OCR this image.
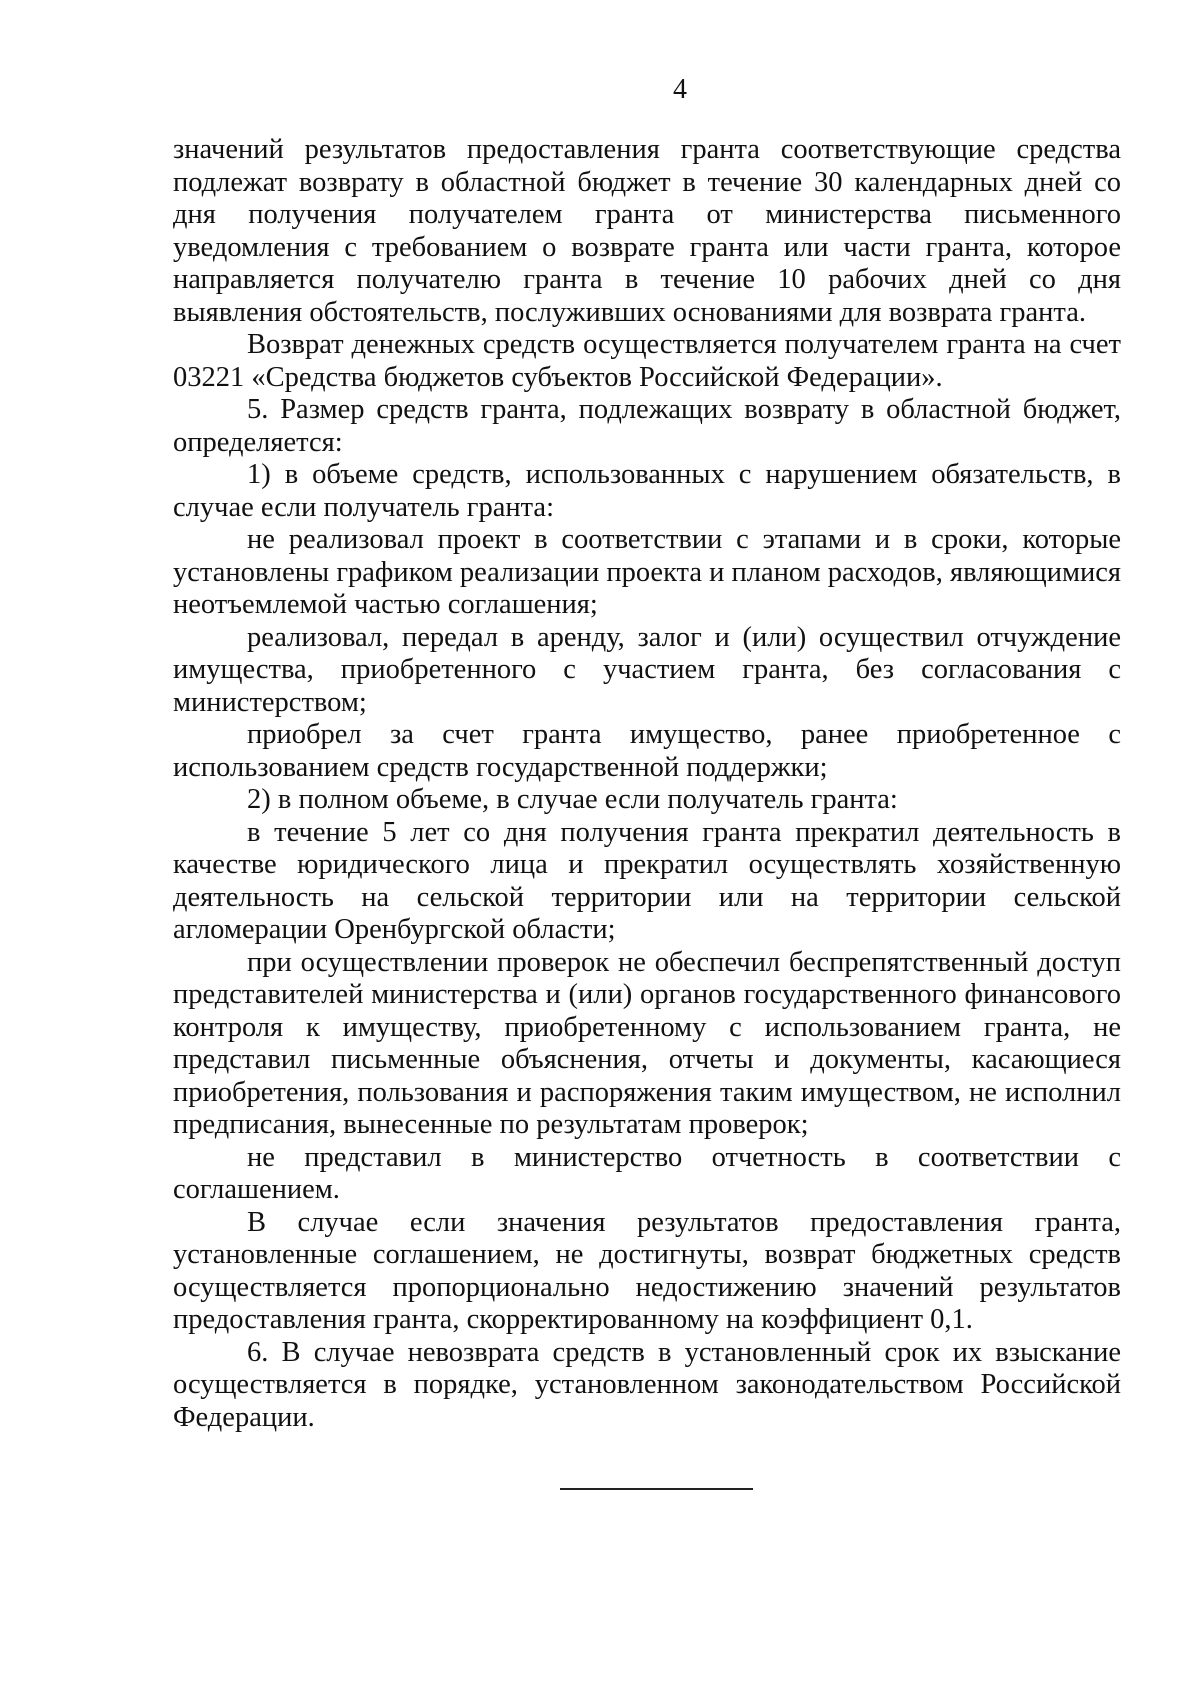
4

значений результатов предоставления гранта соответствующие средства подлежат возврату в областной бюджет в течение 30 календарных дней со дня получения получателем гранта от министерства письменного уведомления с требованием о возврате гранта или части гранта, которое направляется получателю гранта в течение 10 рабочих дней со дня выявления обстоятельств, послуживших основаниями для возврата гранта.

Возврат денежных средств осуществляется получателем гранта на счет 03221 «Средства бюджетов субъектов Российской Федерации».

5. Размер средств гранта, подлежащих возврату в областной бюджет, определяется:

1) в объеме средств, использованных с нарушением обязательств, в случае если получатель гранта:

не реализовал проект в соответствии с этапами и в сроки, которые установлены графиком реализации проекта и планом расходов, являющимися неотъемлемой частью соглашения;

реализовал, передал в аренду, залог и (или) осуществил отчуждение имущества, приобретенного с участием гранта, без согласования с министерством;

приобрел за счет гранта имущество, ранее приобретенное с использованием средств государственной поддержки;

2) в полном объеме, в случае если получатель гранта:

в течение 5 лет со дня получения гранта прекратил деятельность в качестве юридического лица и прекратил осуществлять хозяйственную деятельность на сельской территории или на территории сельской агломерации Оренбургской области;

при осуществлении проверок не обеспечил беспрепятственный доступ представителей министерства и (или) органов государственного финансового контроля к имуществу, приобретенному с использованием гранта, не представил письменные объяснения, отчеты и документы, касающиеся приобретения, пользования и распоряжения таким имуществом, не исполнил предписания, вынесенные по результатам проверок;

не представил в министерство отчетность в соответствии с соглашением.

В случае если значения результатов предоставления гранта, установленные соглашением, не достигнуты, возврат бюджетных средств осуществляется пропорционально недостижению значений результатов предоставления гранта, скорректированному на коэффициент 0,1.

6. В случае невозврата средств в установленный срок их взыскание осуществляется в порядке, установленном законодательством Российской Федерации.
